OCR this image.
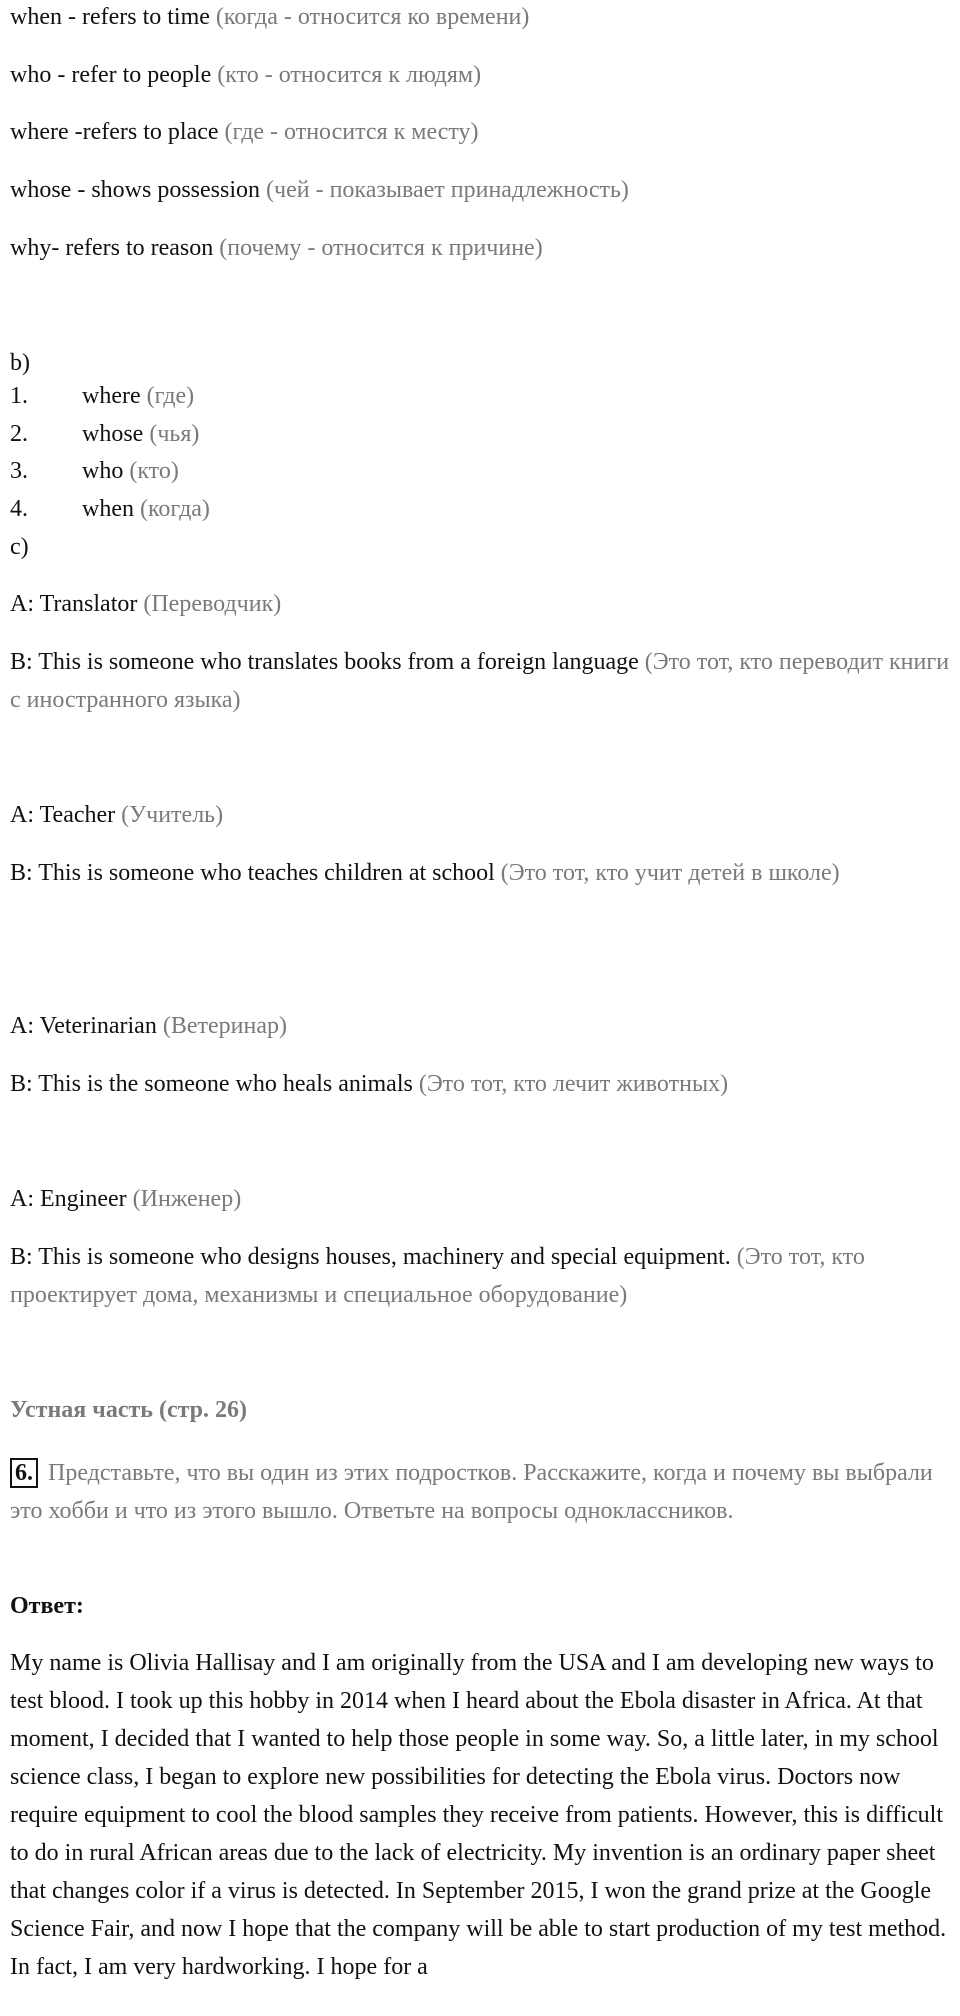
when - refers to time (когда - относится ко времени)

who - refer to people (кто - относится к людям)

where -refers to place (где - относится к месту)

whose - shows possession (чей - показывает принадлежность)

why- refers to reason (почему - относится к причине)

b)

1. where (где)

2. whose (чья)

3. who (кто)

4. when (когда)

c)

A: Translator (Переводчик)

B: This is someone who translates books from a foreign language (Это тот, кто переводит книги с иностранного языка)

A: Teacher (Учитель)

B: This is someone who teaches children at school (Это тот, кто учит детей в школе)

A: Veterinarian (Ветеринар)

B: This is the someone who heals animals (Это тот, кто лечит животных)

A: Engineer (Инженер)

B: This is someone who designs houses, machinery and special equipment. (Это тот, кто проектирует дома, механизмы и специальное оборудование)

Устная часть (стр. 26)

6. Представьте, что вы один из этих подростков. Расскажите, когда и почему вы выбрали это хобби и что из этого вышло. Ответьте на вопросы одноклассников.

Ответ:

My name is Olivia Hallisay and I am originally from the USA and I am developing new ways to test blood. I took up this hobby in 2014 when I heard about the Ebola disaster in Africa. At that moment, I decided that I wanted to help those people in some way. So, a little later, in my school science class, I began to explore new possibilities for detecting the Ebola virus. Doctors now require equipment to cool the blood samples they receive from patients. However, this is difficult to do in rural African areas due to the lack of electricity. My invention is an ordinary paper sheet that changes color if a virus is detected. In September 2015, I won the grand prize at the Google Science Fair, and now I hope that the company will be able to start production of my test method. In fact, I am very hardworking. I hope for a
